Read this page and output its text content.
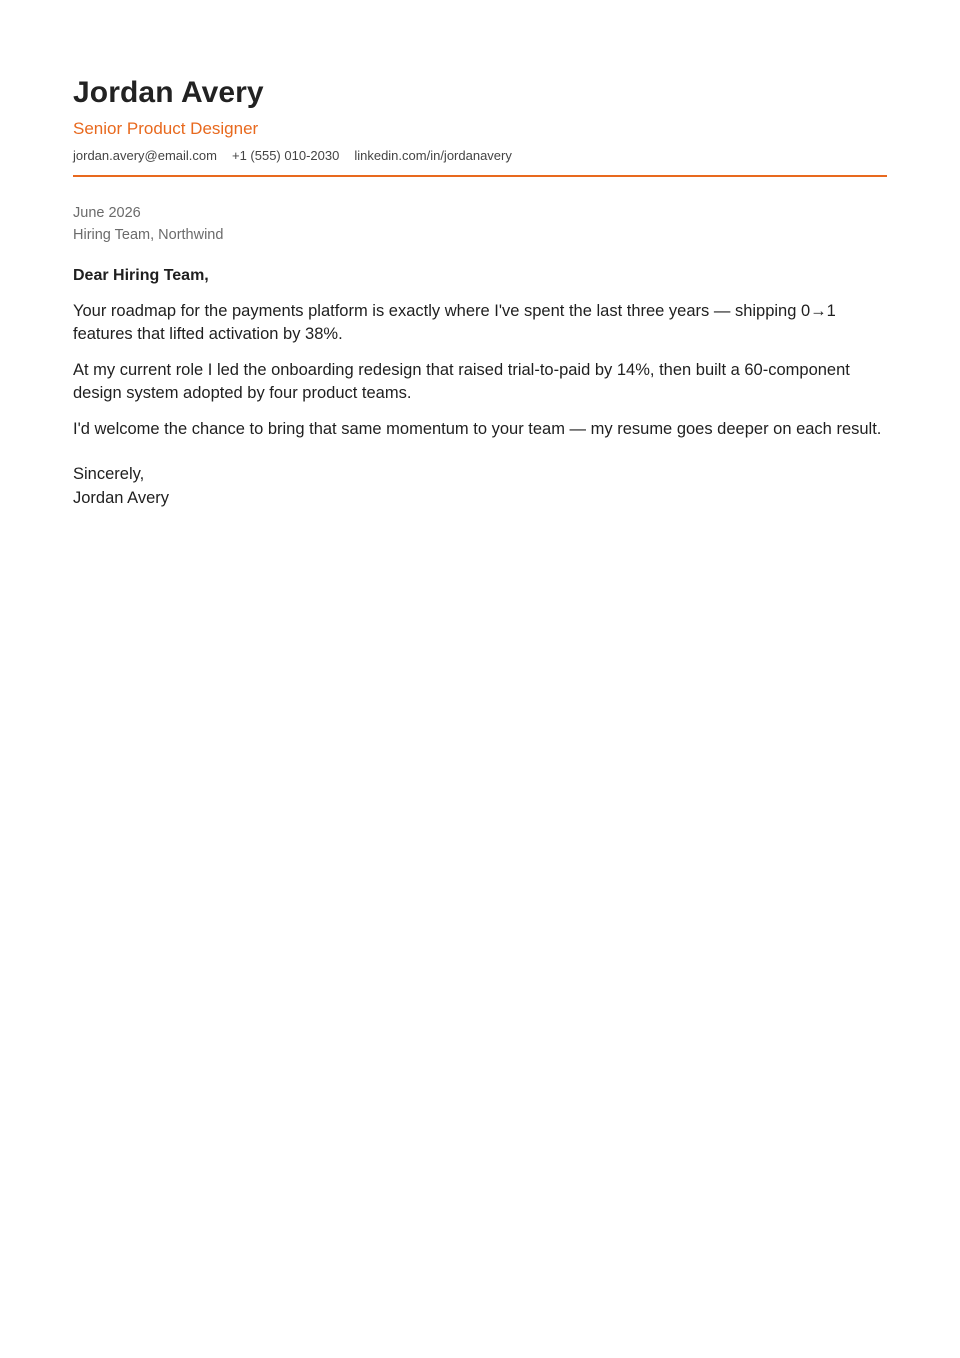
Jordan Avery
Senior Product Designer
jordan.avery@email.com +1 (555) 010-2030 linkedin.com/in/jordanavery
June 2026
Hiring Team, Northwind
Dear Hiring Team,

Your roadmap for the payments platform is exactly where I've spent the last three years — shipping 0→1 features that lifted activation by 38%.

At my current role I led the onboarding redesign that raised trial-to-paid by 14%, then built a 60-component design system adopted by four product teams.

I'd welcome the chance to bring that same momentum to your team — my resume goes deeper on each result.

Sincerely,
Jordan Avery
